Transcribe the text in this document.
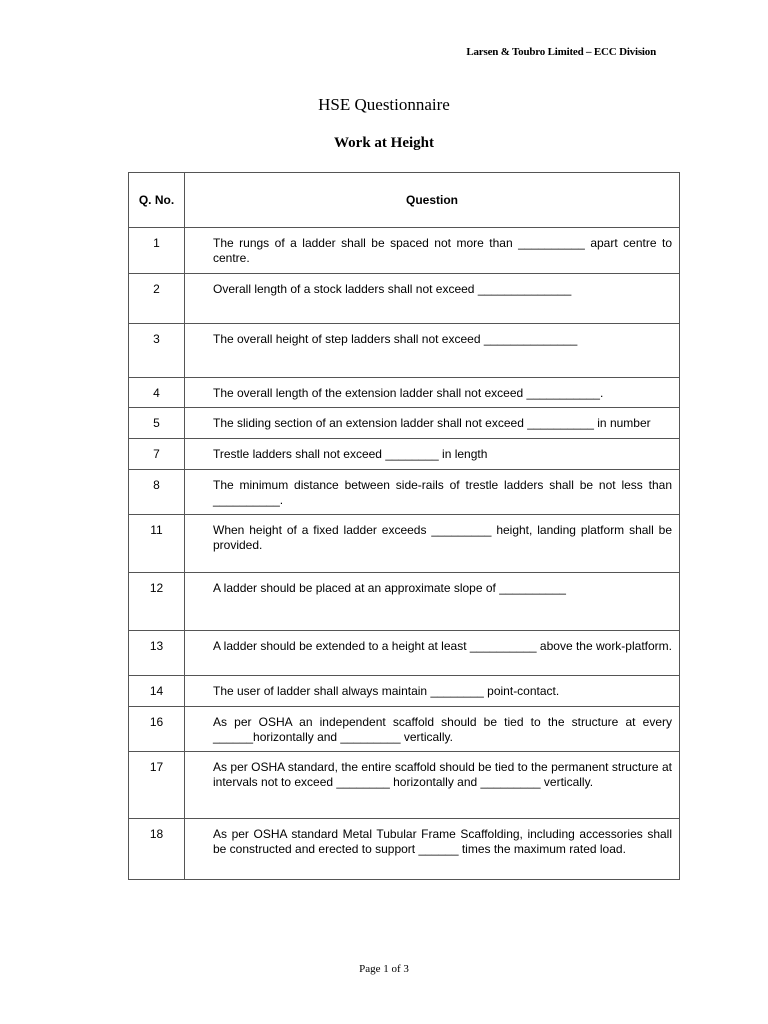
Larsen & Toubro Limited – ECC Division
HSE Questionnaire
Work at Height
Q. No.	Question
1	The rungs of a ladder shall be spaced not more than __________ apart centre to centre.
2	Overall length of a stock ladders shall not exceed ______________
3	The overall height of step ladders shall not exceed ______________
4	The overall length of the extension ladder shall not exceed ___________.
5	The sliding section of an extension ladder shall not exceed __________ in number
7	Trestle ladders shall not exceed ________ in length
8	The minimum distance between side-rails of trestle ladders shall be not less than __________.
11	When height of a fixed ladder exceeds _________ height, landing platform shall be provided.
12	A ladder should be placed at an approximate slope of __________
13	A ladder should be extended to a height at least __________ above the work-platform.
14	The user of ladder shall always maintain ________ point-contact.
16	As per OSHA an independent scaffold should be tied to the structure at every ______horizontally and _________ vertically.
17	As per OSHA standard, the entire scaffold should be tied to the permanent structure at intervals not to exceed ________ horizontally and _________ vertically.
18	As per OSHA standard Metal Tubular Frame Scaffolding, including accessories shall be constructed and erected to support ______ times the maximum rated load.
Page 1 of 3
